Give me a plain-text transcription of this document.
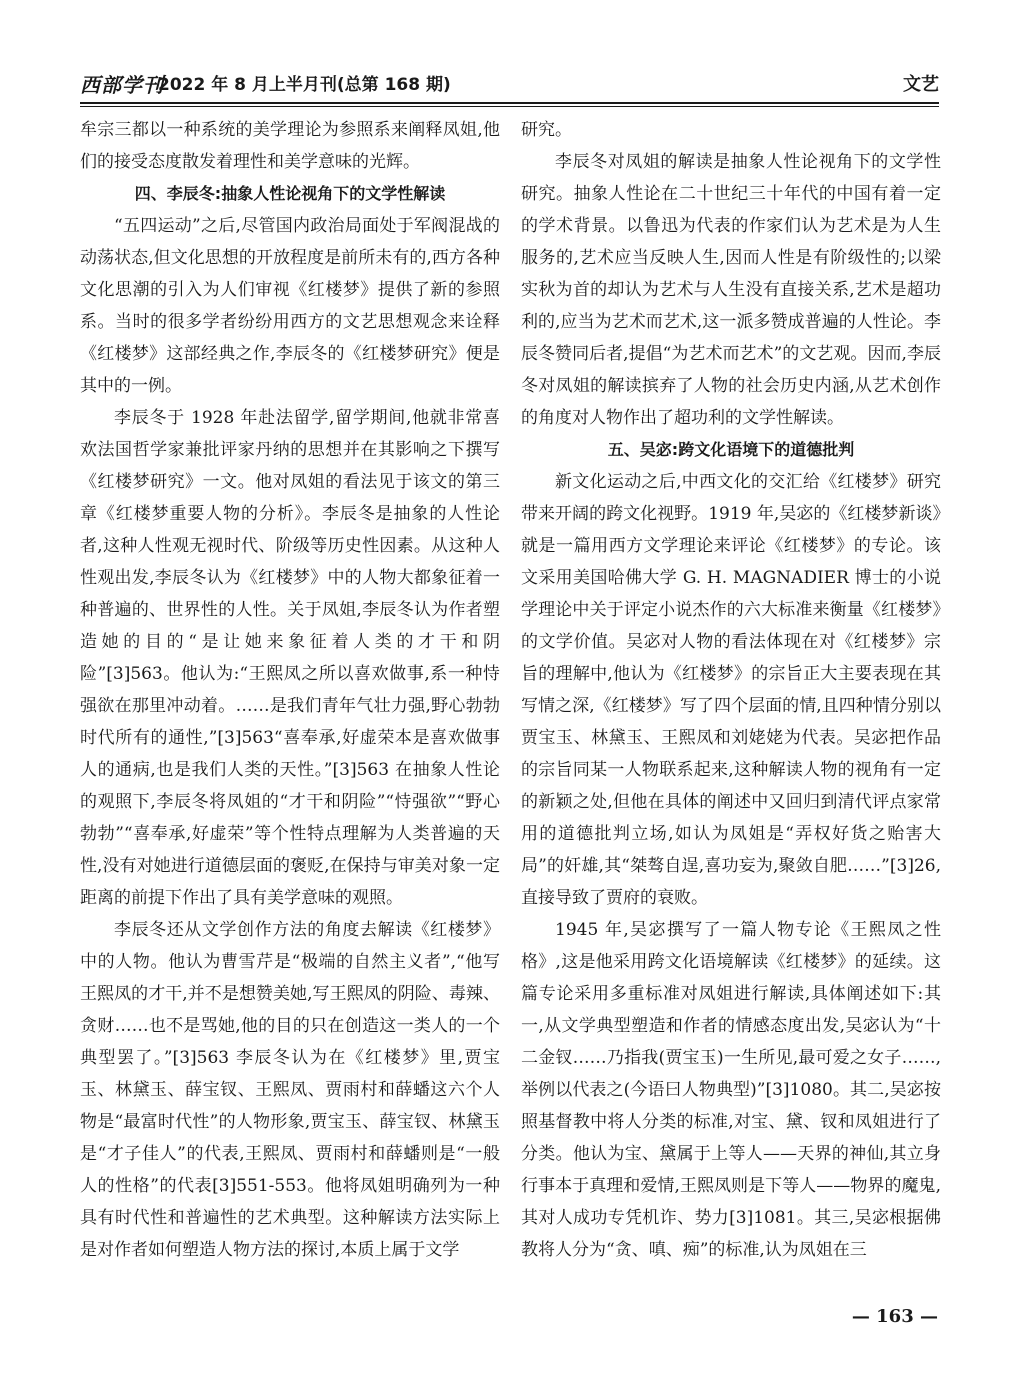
西部学刊
2022 年 8 月上半月刊(总第 168 期)	文艺
牟宗三都以一种系统的美学理论为参照系来阐释凤姐,他们的接受态度散发着理性和美学意味的光辉。
四、李辰冬:抽象人性论视角下的文学性解读
“五四运动”之后,尽管国内政治局面处于军阀混战的动荡状态,但文化思想的开放程度是前所未有的,西方各种文化思潮的引入为人们审视《红楼梦》提供了新的参照系。当时的很多学者纷纷用西方的文艺思想观念来诠释《红楼梦》这部经典之作,李辰冬的《红楼梦研究》便是其中的一例。
李辰冬于 1928 年赴法留学,留学期间,他就非常喜欢法国哲学家兼批评家丹纳的思想并在其影响之下撰写《红楼梦研究》一文。他对凤姐的看法见于该文的第三章《红楼梦重要人物的分析》。李辰冬是抽象的人性论者,这种人性观无视时代、阶级等历史性因素。从这种人性观出发,李辰冬认为《红楼梦》中的人物大都象征着一种普遍的、世界性的人性。关于凤姐,李辰冬认为作者塑造她的目的“是让她来象征着人类的才干和阴险”[3]563。他认为:“王熙凤之所以喜欢做事,系一种恃强欲在那里冲动着。……是我们青年气壮力强,野心勃勃时代所有的通性,”[3]563“喜奉承,好虚荣本是喜欢做事人的通病,也是我们人类的天性。”[3]563 在抽象人性论的观照下,李辰冬将凤姐的“才干和阴险”“恃强欲”“野心勃勃”“喜奉承,好虚荣”等个性特点理解为人类普遍的天性,没有对她进行道德层面的褒贬,在保持与审美对象一定距离的前提下作出了具有美学意味的观照。
李辰冬还从文学创作方法的角度去解读《红楼梦》中的人物。他认为曹雪芹是“极端的自然主义者”,“他写王熙凤的才干,并不是想赞美她,写王熙凤的阴险、毒辣、贪财……也不是骂她,他的目的只在创造这一类人的一个典型罢了。”[3]563 李辰冬认为在《红楼梦》里,贾宝玉、林黛玉、薛宝钗、王熙凤、贾雨村和薛蟠这六个人物是“最富时代性”的人物形象,贾宝玉、薛宝钗、林黛玉是“才子佳人”的代表,王熙凤、贾雨村和薛蟠则是“一般人的性格”的代表[3]551-553。他将凤姐明确列为一种具有时代性和普遍性的艺术典型。这种解读方法实际上是对作者如何塑造人物方法的探讨,本质上属于文学
研究。
李辰冬对凤姐的解读是抽象人性论视角下的文学性研究。抽象人性论在二十世纪三十年代的中国有着一定的学术背景。以鲁迅为代表的作家们认为艺术是为人生服务的,艺术应当反映人生,因而人性是有阶级性的;以梁实秋为首的却认为艺术与人生没有直接关系,艺术是超功利的,应当为艺术而艺术,这一派多赞成普遍的人性论。李辰冬赞同后者,提倡“为艺术而艺术”的文艺观。因而,李辰冬对凤姐的解读摈弃了人物的社会历史内涵,从艺术创作的角度对人物作出了超功利的文学性解读。
五、吴宓:跨文化语境下的道德批判
新文化运动之后,中西文化的交汇给《红楼梦》研究带来开阔的跨文化视野。1919 年,吴宓的《红楼梦新谈》就是一篇用西方文学理论来评论《红楼梦》的专论。该文采用美国哈佛大学 G. H. MAGNADIER 博士的小说学理论中关于评定小说杰作的六大标准来衡量《红楼梦》的文学价值。吴宓对人物的看法体现在对《红楼梦》宗旨的理解中,他认为《红楼梦》的宗旨正大主要表现在其写情之深,《红楼梦》写了四个层面的情,且四种情分别以贾宝玉、林黛玉、王熙凤和刘姥姥为代表。吴宓把作品的宗旨同某一人物联系起来,这种解读人物的视角有一定的新颖之处,但他在具体的阐述中又回归到清代评点家常用的道德批判立场,如认为凤姐是“弄权好货之贻害大局”的奸雄,其“桀骜自逞,喜功妄为,聚敛自肥……”[3]26,直接导致了贾府的衰败。
1945 年,吴宓撰写了一篇人物专论《王熙凤之性格》,这是他采用跨文化语境解读《红楼梦》的延续。这篇专论采用多重标准对凤姐进行解读,具体阐述如下:其一,从文学典型塑造和作者的情感态度出发,吴宓认为“十二金钗……乃指我(贾宝玉)一生所见,最可爱之女子……,举例以代表之(今语曰人物典型)”[3]1080。其二,吴宓按照基督教中将人分类的标准,对宝、黛、钗和凤姐进行了分类。他认为宝、黛属于上等人——天界的神仙,其立身行事本于真理和爱情,王熙凤则是下等人——物界的魔鬼,其对人成功专凭机诈、势力[3]1081。其三,吴宓根据佛教将人分为“贪、嗔、痴”的标准,认为凤姐在三
— 163 —
